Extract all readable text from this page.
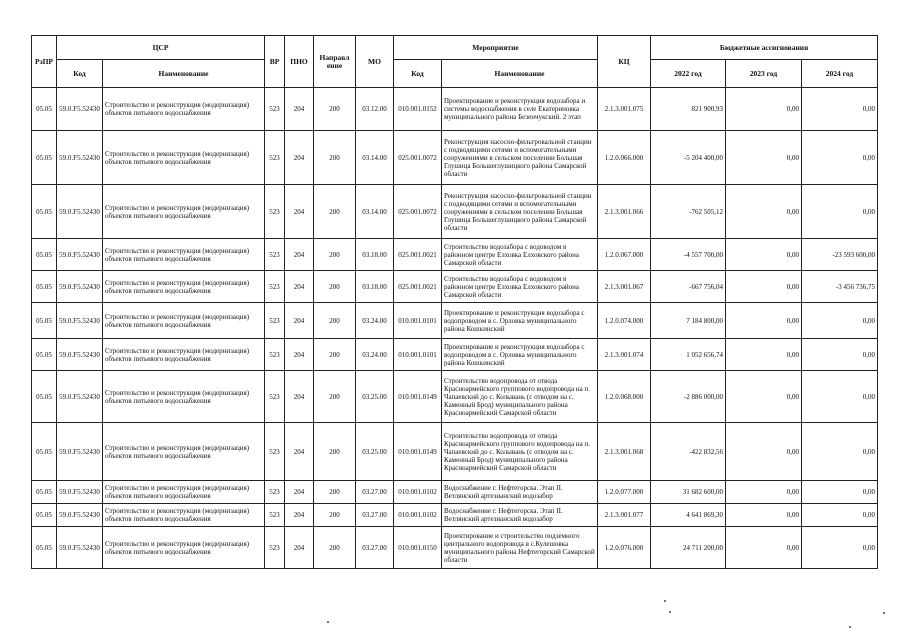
РзПР	ЦСР		ВР	ПНО	Направл ение	МО	Мероприятие		КЦ	Бюджетные ассигнования		
	Код	Наименование					Код	Наименование		2022 год	2023 год	2024 год
05.05	59.0.F5.52430	Строительство и реконструкция (модернизация) объектов питьевого водоснабжения	523	204	200	03.12.00	010.001.0152	Проектирование и реконструкция водозабора и системы водоснабжения в селе Екатериновка муниципального района Безенчукский. 2 этап	2.1.3.001.075	821 900,93	0,00	0,00
05.05	59.0.F5.52430	Строительство и реконструкция (модернизация) объектов питьевого водоснабжения	523	204	200	03.14.00	025.001.0072	Реконструкция насосно-фильтровальной станции с подводящими сетями и вспомогательными сооружениями в сельском поселении Большая Глушица Большеглушицкого района Самарской области	1.2.0.066.000	-5 204 400,00	0,00	0,00
05.05	59.0.F5.52430	Строительство и реконструкция (модернизация) объектов питьевого водоснабжения	523	204	200	03.14.00	025.001.0072	Реконструкция насосно-фильтровальной станции с подводящими сетями и вспомогательными сооружениями в сельском поселении Большая Глушица Большеглушицкого района Самарской области	2.1.3.001.066	-762 505,12	0,00	0,00
05.05	59.0.F5.52430	Строительство и реконструкция (модернизация) объектов питьевого водоснабжения	523	204	200	03.18.00	025.001.0021	Строительство водозабора с водоводом в районном центре Елховка Елховского района Самарской области	1.2.0.067.000	-4 557 700,00	0,00	-23 593 600,00
05.05	59.0.F5.52430	Строительство и реконструкция (модернизация) объектов питьевого водоснабжения	523	204	200	03.18.00	025.001.0021	Строительство водозабора с водоводом в районном центре Елховка Елховского района Самарской области	2.1.3.001.067	-667 756,04	0,00	-3 456 736,75
05.05	59.0.F5.52430	Строительство и реконструкция (модернизация) объектов питьевого водоснабжения	523	204	200	03.24.00	010.001.0101	Проектирование и реконструкция водозабора с водопроводом в с. Орловка муниципального района Кошкинский	1.2.0.074.000	7 184 800,00	0,00	0,00
05.05	59.0.F5.52430	Строительство и реконструкция (модернизация) объектов питьевого водоснабжения	523	204	200	03.24.00	010.001.0101	Проектирование и реконструкция водозабора с водопроводом в с. Орловка муниципального района Кошкинский	2.1.3.001.074	1 052 656,74	0,00	0,00
05.05	59.0.F5.52430	Строительство и реконструкция (модернизация) объектов питьевого водоснабжения	523	204	200	03.25.00	010.001.0149	Строительство водопровода от отвода Красноармейского группового водопровода на п. Чапаевский до с. Колывань (с отводом на с. Каменный Брод) муниципального района Красноармейский Самарской области	1.2.0.068.000	-2 886 000,00	0,00	0,00
05.05	59.0.F5.52430	Строительство и реконструкция (модернизация) объектов питьевого водоснабжения	523	204	200	03.25.00	010.001.0149	Строительство водопровода от отвода Красноармейского группового водопровода на п. Чапаевский до с. Колывань (с отводом на с. Каменный Брод) муниципального района Красноармейский Самарской области	2.1.3.001.068	-422 832,56	0,00	0,00
05.05	59.0.F5.52430	Строительство и реконструкция (модернизация) объектов питьевого водоснабжения	523	204	200	03.27.00	010.001.0102	Водоснабжение г. Нефтегорска. Этап II. Ветлянский артезианский водозабор	1.2.0.077.000	31 682 600,00	0,00	0,00
05.05	59.0.F5.52430	Строительство и реконструкция (модернизация) объектов питьевого водоснабжения	523	204	200	03.27.00	010.001.0102	Водоснабжение г. Нефтегорска. Этап II. Ветлянский артезианский водозабор	2.1.3.001.077	4 641 869,30	0,00	0,00
05.05	59.0.F5.52430	Строительство и реконструкция (модернизация) объектов питьевого водоснабжения	523	204	200	03.27.00	010.001.0150	Проектирование и строительство подземного центрального водопровода в с.Кулешовка муниципального района Нефтегорский Самарской области	1.2.0.076.000	24 711 200,00	0,00	0,00
